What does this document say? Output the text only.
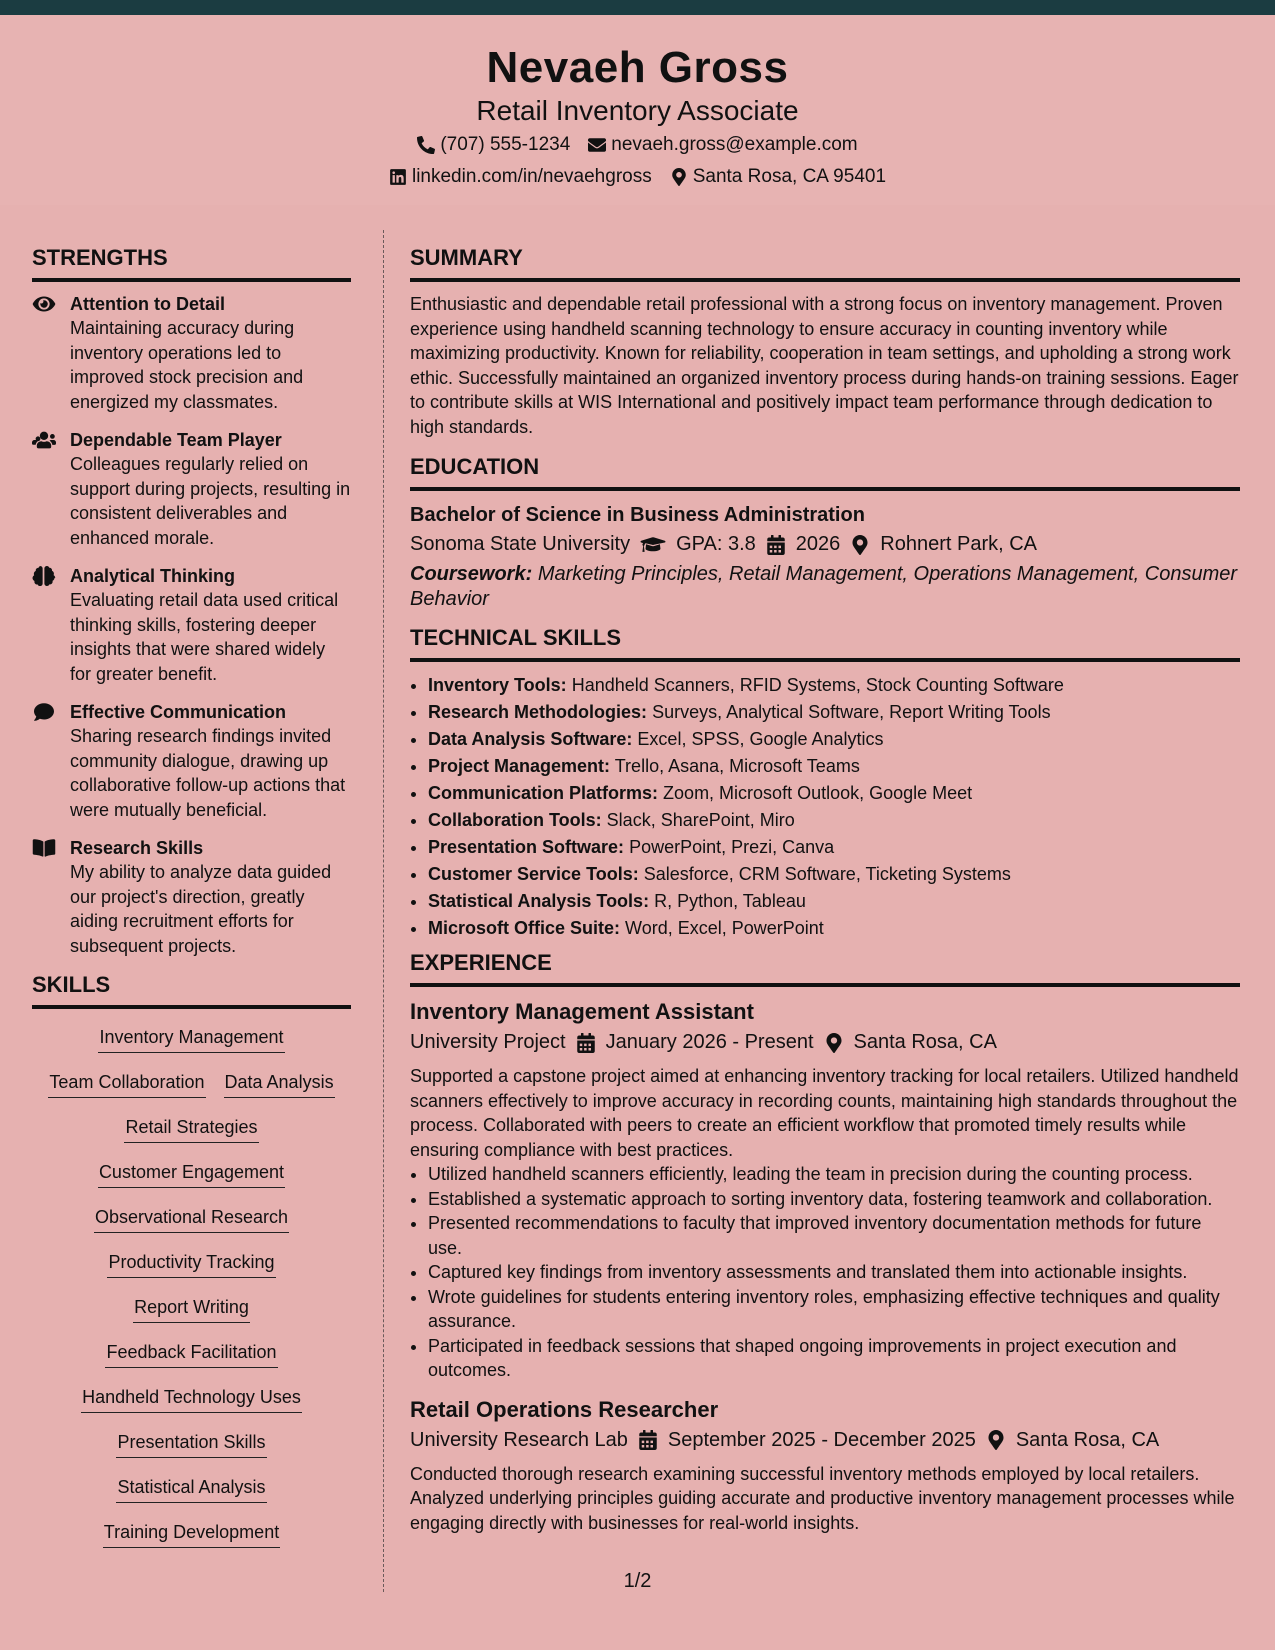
Nevaeh Gross
Retail Inventory Associate
(707) 555-1234 nevaeh.gross@example.com
linkedin.com/in/nevaehgross Santa Rosa, CA 95401
STRENGTHS
Attention to Detail
Maintaining accuracy during inventory operations led to improved stock precision and energized my classmates.
Dependable Team Player
Colleagues regularly relied on support during projects, resulting in consistent deliverables and enhanced morale.
Analytical Thinking
Evaluating retail data used critical thinking skills, fostering deeper insights that were shared widely for greater benefit.
Effective Communication
Sharing research findings invited community dialogue, drawing up collaborative follow-up actions that were mutually beneficial.
Research Skills
My ability to analyze data guided our project's direction, greatly aiding recruitment efforts for subsequent projects.
SKILLS
Inventory Management
Team Collaboration Data Analysis
Retail Strategies
Customer Engagement
Observational Research
Productivity Tracking
Report Writing
Feedback Facilitation
Handheld Technology Uses
Presentation Skills
Statistical Analysis
Training Development
SUMMARY
Enthusiastic and dependable retail professional with a strong focus on inventory management. Proven experience using handheld scanning technology to ensure accuracy in counting inventory while maximizing productivity. Known for reliability, cooperation in team settings, and upholding a strong work ethic. Successfully maintained an organized inventory process during hands-on training sessions. Eager to contribute skills at WIS International and positively impact team performance through dedication to high standards.
EDUCATION
Bachelor of Science in Business Administration
Sonoma State University GPA: 3.8 2026 Rohnert Park, CA
Coursework: Marketing Principles, Retail Management, Operations Management, Consumer Behavior
TECHNICAL SKILLS
• Inventory Tools: Handheld Scanners, RFID Systems, Stock Counting Software
• Research Methodologies: Surveys, Analytical Software, Report Writing Tools
• Data Analysis Software: Excel, SPSS, Google Analytics
• Project Management: Trello, Asana, Microsoft Teams
• Communication Platforms: Zoom, Microsoft Outlook, Google Meet
• Collaboration Tools: Slack, SharePoint, Miro
• Presentation Software: PowerPoint, Prezi, Canva
• Customer Service Tools: Salesforce, CRM Software, Ticketing Systems
• Statistical Analysis Tools: R, Python, Tableau
• Microsoft Office Suite: Word, Excel, PowerPoint
EXPERIENCE
Inventory Management Assistant
University Project January 2026 - Present Santa Rosa, CA
Supported a capstone project aimed at enhancing inventory tracking for local retailers. Utilized handheld scanners effectively to improve accuracy in recording counts, maintaining high standards throughout the process. Collaborated with peers to create an efficient workflow that promoted timely results while ensuring compliance with best practices.
• Utilized handheld scanners efficiently, leading the team in precision during the counting process.
• Established a systematic approach to sorting inventory data, fostering teamwork and collaboration.
• Presented recommendations to faculty that improved inventory documentation methods for future use.
• Captured key findings from inventory assessments and translated them into actionable insights.
• Wrote guidelines for students entering inventory roles, emphasizing effective techniques and quality assurance.
• Participated in feedback sessions that shaped ongoing improvements in project execution and outcomes.
Retail Operations Researcher
University Research Lab September 2025 - December 2025 Santa Rosa, CA
Conducted thorough research examining successful inventory methods employed by local retailers. Analyzed underlying principles guiding accurate and productive inventory management processes while engaging directly with businesses for real-world insights.
1/2
